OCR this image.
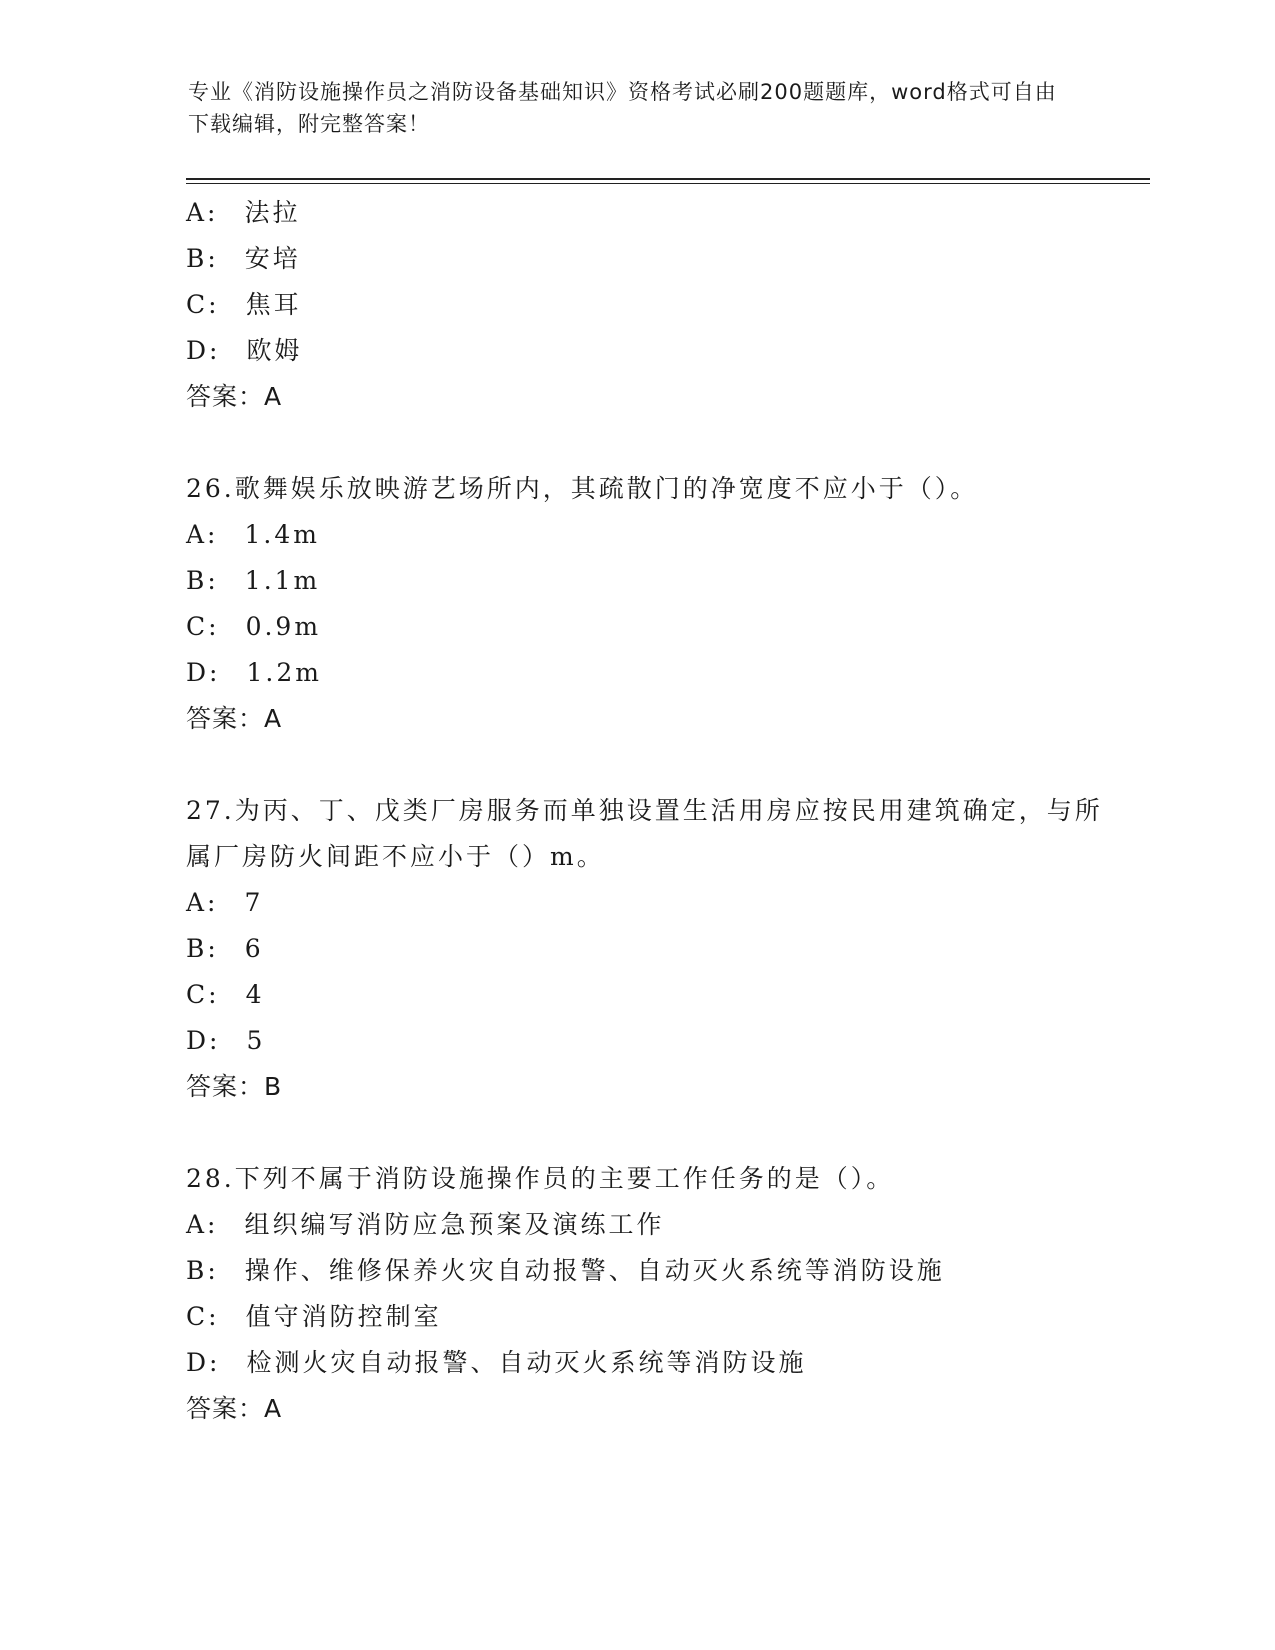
专业《消防设施操作员之消防设备基础知识》资格考试必刷200题题库，word格式可自由下载编辑，附完整答案！
A: 法拉
B: 安培
C: 焦耳
D: 欧姆
答案：A
26.歌舞娱乐放映游艺场所内，其疏散门的净宽度不应小于（）。
A: 1.4m
B: 1.1m
C: 0.9m
D: 1.2m
答案：A
27.为丙、丁、戊类厂房服务而单独设置生活用房应按民用建筑确定，与所属厂房防火间距不应小于（）m。
A: 7
B: 6
C: 4
D: 5
答案：B
28.下列不属于消防设施操作员的主要工作任务的是（）。
A: 组织编写消防应急预案及演练工作
B: 操作、维修保养火灾自动报警、自动灭火系统等消防设施
C: 值守消防控制室
D: 检测火灾自动报警、自动灭火系统等消防设施
答案：A
